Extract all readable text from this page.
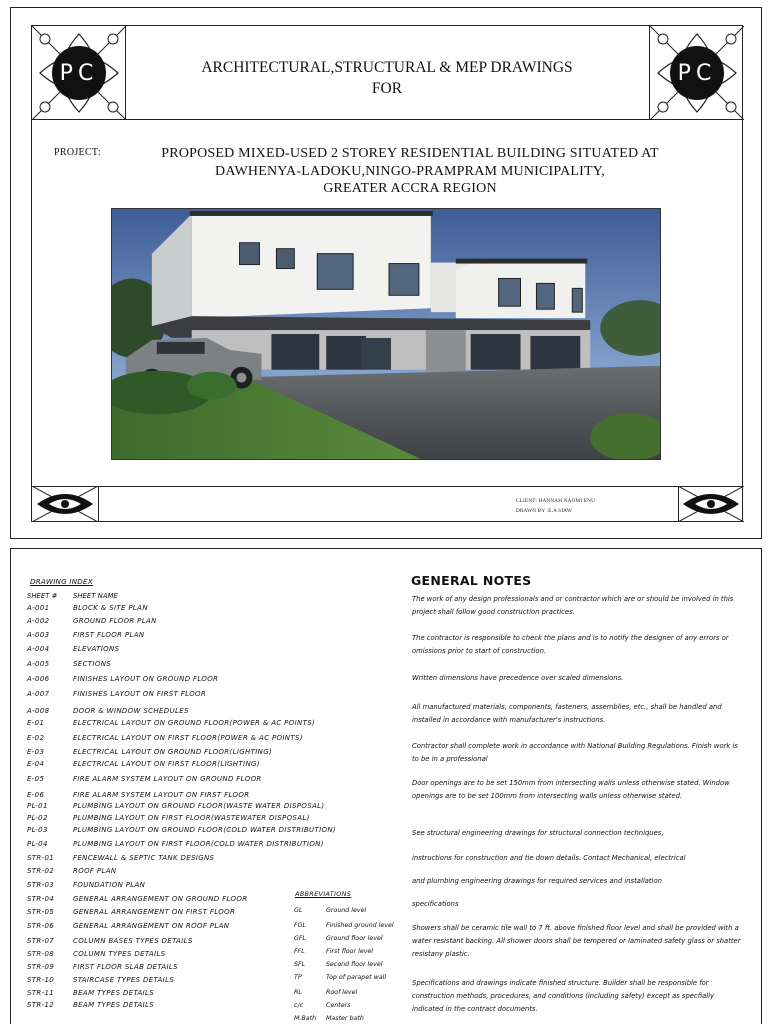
PC	PC
ARCHITECTURAL,STRUCTURAL & MEP DRAWINGS
FOR
PROJECT:	PROPOSED MIXED-USED 2 STOREY RESIDENTIAL BUILDING SITUATED AT
DAWHENYA-LADOKU,NINGO-PRAMPRAM MUNICIPALITY,
GREATER ACCRA REGION
CLIENT: HANNAH NAOMI ENU
DRAWN BY :E.A SIAW
DRAWING INDEX
SHEET #	SHEET NAME
A-001	BLOCK & SITE PLAN
A-002	GROUND FLOOR PLAN
A-003	FIRST FLOOR PLAN
A-004	ELEVATIONS
A-005	SECTIONS
A-006	FINISHES LAYOUT ON GROUND FLOOR
A-007	FINISHES LAYOUT ON FIRST FLOOR
A-008	DOOR & WINDOW SCHEDULES
E-01	ELECTRICAL LAYOUT ON GROUND FLOOR(POWER & AC POINTS)
E-02	ELECTRICAL LAYOUT ON FIRST FLOOR(POWER & AC POINTS)
E-03	ELECTRICAL LAYOUT ON GROUND FLOOR(LIGHTING)
E-04	ELECTRICAL LAYOUT ON FIRST FLOOR(LIGHTING)
E-05	FIRE ALARM SYSTEM LAYOUT ON GROUND FLOOR
E-06	FIRE ALARM SYSTEM LAYOUT ON FIRST FLOOR
PL-01	PLUMBING LAYOUT ON GROUND FLOOR(WASTE WATER DISPOSAL)
PL-02	PLUMBING LAYOUT ON FIRST FLOOR(WASTEWATER DISPOSAL)
PL-03	PLUMBING LAYOUT ON GROUND FLOOR(COLD WATER DISTRIBUTION)
PL-04	PLUMBING LAYOUT ON FIRST FLOOR(COLD WATER DISTRIBUTION)
STR-01	FENCEWALL & SEPTIC TANK DESIGNS
STR-02	ROOF PLAN
STR-03	FOUNDATION PLAN
STR-04	GENERAL ARRANGEMENT ON GROUND FLOOR
STR-05	GENERAL ARRANGEMENT ON FIRST FLOOR
STR-06	GENERAL ARRANGEMENT ON ROOF PLAN
STR-07	COLUMN BASES TYPES DETAILS
STR-08	COLUMN TYPES DETAILS
STR-09	FIRST FLOOR SLAB DETAILS
STR-10	STAIRCASE TYPES DETAILS
STR-11	BEAM TYPES DETAILS
STR-12	BEAM TYPES DETAILS
ABBREVIATIONS
GL	Ground level
FGL	Finished ground level
GFL	Ground floor level
FFL	First floor level
SFL	Second floor level
TP	Top of parapet wall
RL	Roof level
c/c	Centers
M.Bath	Master bath
GENERAL NOTES
The work of any design professionals and or contractor which are or should be involved in this project shall follow good construction practices.
The contractor is responsible to check the plans and is to notify the designer of any errors or omissions prior to start of construction.
Written dimensions have precedence over scaled dimensions.
All manufactured materials, components, fasteners, assemblies, etc., shall be handled and installed in accordance with manufacturer's instructions.
Contractor shall complete work in accordance with National Building Regulations. Finish work is to be in a professional
Door openings are to be set 150mm from intersecting walls unless otherwise stated. Window openings are to be set 100mm from intersecting walls unless otherwise stated.
See structural engineering drawings for structural connection techniques,
instructions for construction and tie down details. Contact Mechanical, electrical
and plumbing engineering drawings for required services and installation
specifications
Showers shall be ceramic tile wall to 7 ft. above finished floor level and shall be provided with a water resistant backing. All shower doors shall be tempered or laminated safety glass or shatter resistany plastic.
Specifications and drawings indicate finished structure. Builder shall be responsible for construction methods, procedures, and conditions (including safety) except as specfially indicated in the contract documents.
